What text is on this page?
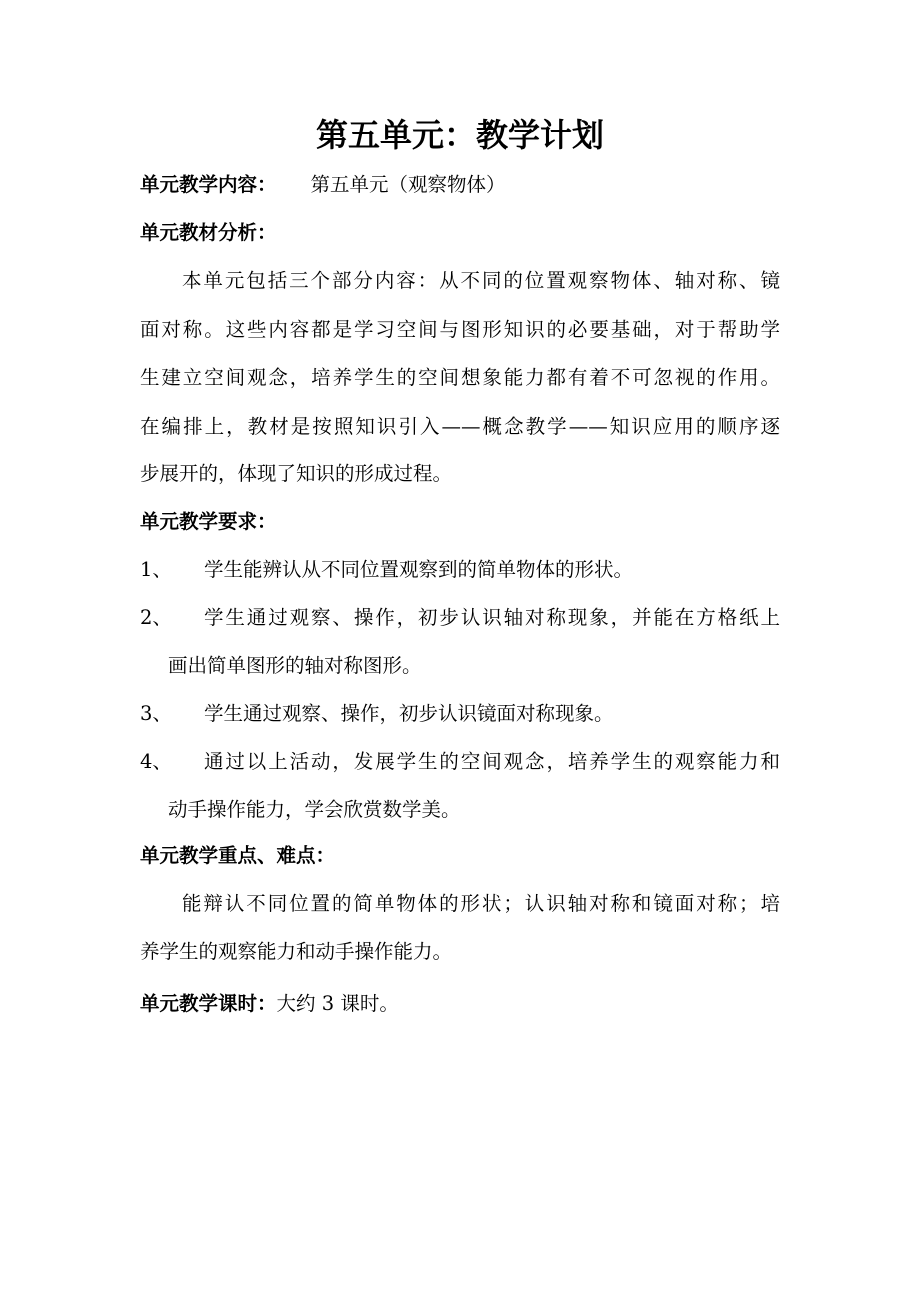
第五单元：教学计划
单元教学内容： 第五单元（观察物体）
单元教材分析：
本单元包括三个部分内容：从不同的位置观察物体、轴对称、镜
面对称。这些内容都是学习空间与图形知识的必要基础，对于帮助学
生建立空间观念，培养学生的空间想象能力都有着不可忽视的作用。
在编排上，教材是按照知识引入——概念教学——知识应用的顺序逐
步展开的，体现了知识的形成过程。
单元教学要求：
1、 学生能辨认从不同位置观察到的简单物体的形状。
2、 学生通过观察、操作，初步认识轴对称现象，并能在方格纸上
画出简单图形的轴对称图形。
3、 学生通过观察、操作，初步认识镜面对称现象。
4、 通过以上活动，发展学生的空间观念，培养学生的观察能力和
动手操作能力，学会欣赏数学美。
单元教学重点、难点：
能辩认不同位置的简单物体的形状；认识轴对称和镜面对称；培
养学生的观察能力和动手操作能力。
单元教学课时：大约 3 课时。
